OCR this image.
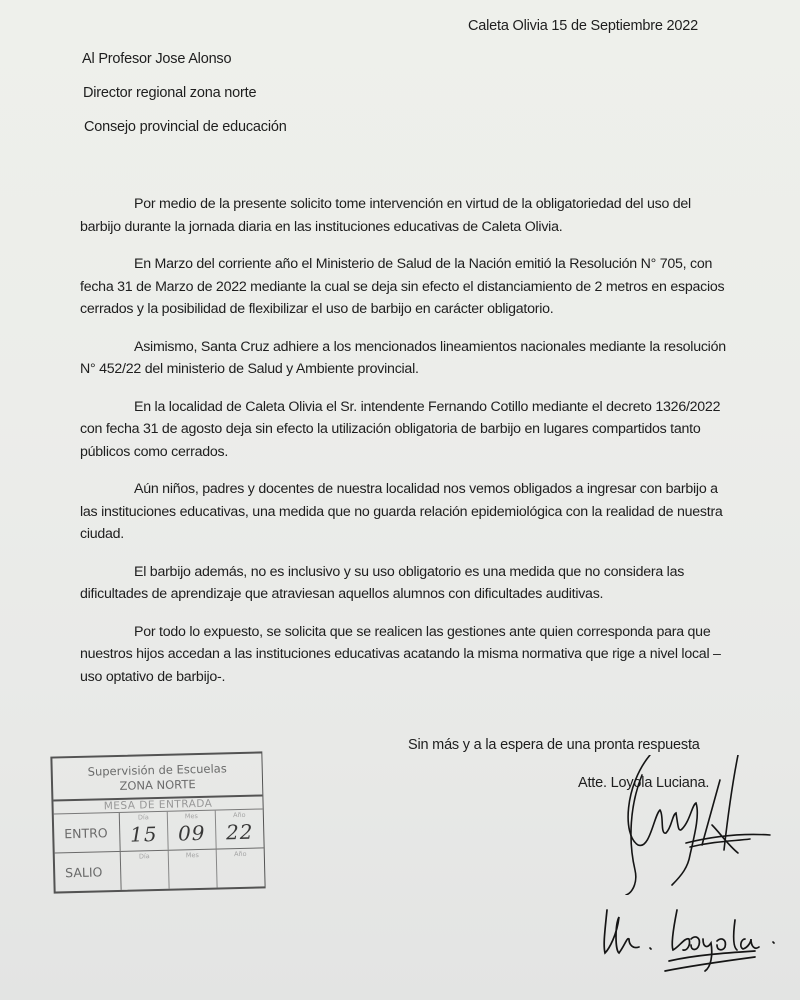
Caleta Olivia 15 de Septiembre 2022
Al Profesor Jose Alonso
Director regional zona norte
Consejo provincial de educación

Por medio de la presente solicito tome intervención en virtud de la obligatoriedad del uso del barbijo durante la jornada diaria en las instituciones educativas de Caleta Olivia.

En Marzo del corriente año el Ministerio de Salud de la Nación emitió la Resolución N° 705, con fecha 31 de Marzo de 2022 mediante la cual se deja sin efecto el distanciamiento de 2 metros en espacios cerrados y la posibilidad de flexibilizar el uso de barbijo en carácter obligatorio.

Asimismo, Santa Cruz adhiere a los mencionados lineamientos nacionales mediante la resolución N° 452/22 del ministerio de Salud y Ambiente provincial.

En la localidad de Caleta Olivia el Sr. intendente Fernando Cotillo mediante el decreto 1326/2022 con fecha 31 de agosto deja sin efecto la utilización obligatoria de barbijo en lugares compartidos tanto públicos como cerrados.

Aún niños, padres y docentes de nuestra localidad nos vemos obligados a ingresar con barbijo a las instituciones educativas, una medida que no guarda relación epidemiológica con la realidad de nuestra ciudad.

El barbijo además, no es inclusivo y su uso obligatorio es una medida que no considera las dificultades de aprendizaje que atraviesan aquellos alumnos con dificultades auditivas.

Por todo lo expuesto, se solicita que se realicen las gestiones ante quien corresponda para que nuestros hijos accedan a las instituciones educativas acatando la misma normativa que rige a nivel local – uso optativo de barbijo-.

Sin más y a la espera de una pronta respuesta
Atte. Loyola Luciana.
Supervisión de Escuelas
ZONA NORTE
MESA DE ENTRADA
ENTRO
Día
15
Mes
09
Año
22
SALIO
Día	Mes	Año
